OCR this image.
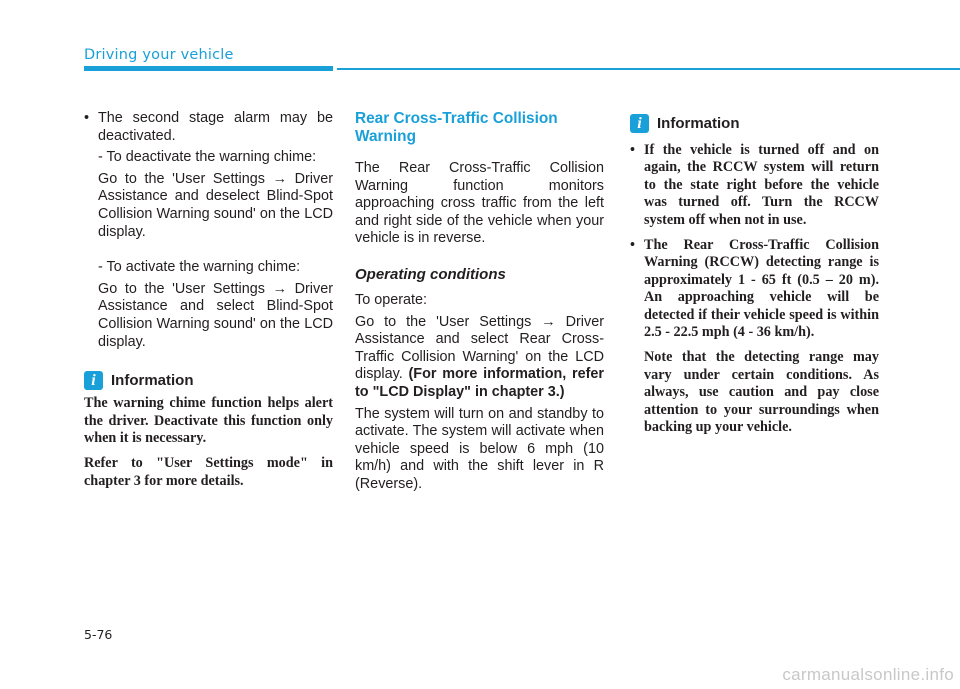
Driving your vehicle

• The second stage alarm may be deactivated.

- To deactivate the warning chime:

Go to the 'User Settings → Driver Assistance and deselect Blind-Spot Collision Warning sound' on the LCD display.

- To activate the warning chime:

Go to the 'User Settings → Driver Assistance and select Blind-Spot Collision Warning sound' on the LCD display.

i	Information

The warning chime function helps alert the driver. Deactivate this function only when it is necessary.

Refer to "User Settings mode" in chapter 3 for more details.

Rear Cross-Traffic Collision Warning

The Rear Cross-Traffic Collision Warning function monitors approaching cross traffic from the left and right side of the vehicle when your vehicle is in reverse.

Operating conditions

To operate:

Go to the 'User Settings → Driver Assistance and select Rear Cross-Traffic Collision Warning' on the LCD display. (For more information, refer to "LCD Display" in chapter 3.)

The system will turn on and standby to activate. The system will activate when vehicle speed is below 6 mph (10 km/h) and with the shift lever in R (Reverse).

i	Information

• If the vehicle is turned off and on again, the RCCW system will return to the state right before the vehicle was turned off. Turn the RCCW system off when not in use.

• The Rear Cross-Traffic Collision Warning (RCCW) detecting range is approximately 1 - 65 ft (0.5 – 20 m). An approaching vehicle will be detected if their vehicle speed is within 2.5 - 22.5 mph (4 - 36 km/h).

Note that the detecting range may vary under certain conditions. As always, use caution and pay close attention to your surroundings when backing up your vehicle.

5-76
carmanualsonline.info
